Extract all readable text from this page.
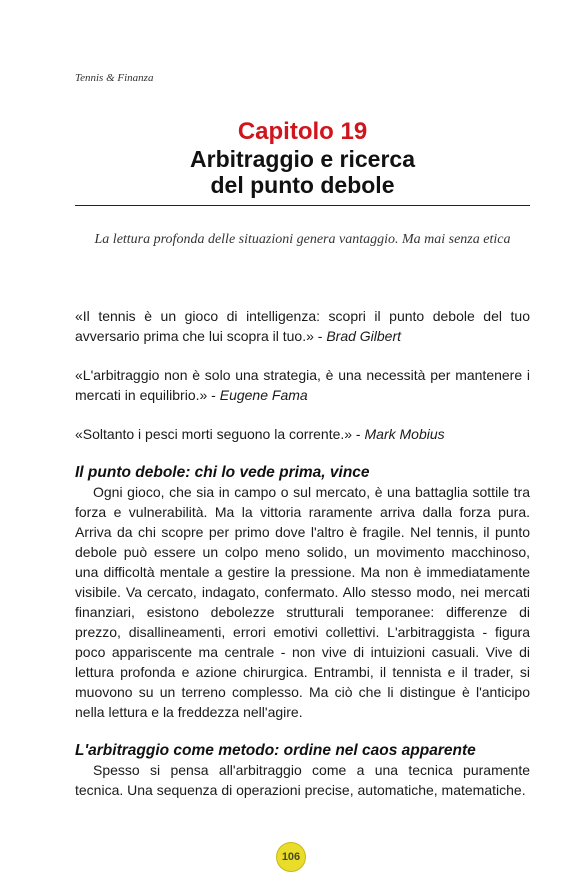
Tennis & Finanza
Capitolo 19
Arbitraggio e ricerca
del punto debole
La lettura profonda delle situazioni genera vantaggio. Ma mai senza etica

«Il tennis è un gioco di intelligenza: scopri il punto debole del tuo avversario prima che lui scopra il tuo.» - Brad Gilbert

«L'arbitraggio non è solo una strategia, è una necessità per mantenere i mercati in equilibrio.» - Eugene Fama

«Soltanto i pesci morti seguono la corrente.» - Mark Mobius

Il punto debole: chi lo vede prima, vince

Ogni gioco, che sia in campo o sul mercato, è una battaglia sottile tra forza e vulnerabilità. Ma la vittoria raramente arriva dalla forza pura. Arriva da chi scopre per primo dove l'altro è fragile. Nel tennis, il punto debole può essere un colpo meno solido, un movimento macchinoso, una difficoltà mentale a gestire la pressione. Ma non è immediatamente visibile. Va cercato, indagato, confermato. Allo stesso modo, nei mercati finanziari, esistono debolezze strutturali temporanee: differenze di prezzo, disallineamenti, errori emotivi collettivi. L'arbitraggista - figura poco appariscente ma centrale - non vive di intuizioni casuali. Vive di lettura profonda e azione chirurgica. Entrambi, il tennista e il trader, si muovono su un terreno complesso. Ma ciò che li distingue è l'anticipo nella lettura e la freddezza nell'agire.

L'arbitraggio come metodo: ordine nel caos apparente

Spesso si pensa all'arbitraggio come a una tecnica puramente tecnica. Una sequenza di operazioni precise, automatiche, matematiche.

106
